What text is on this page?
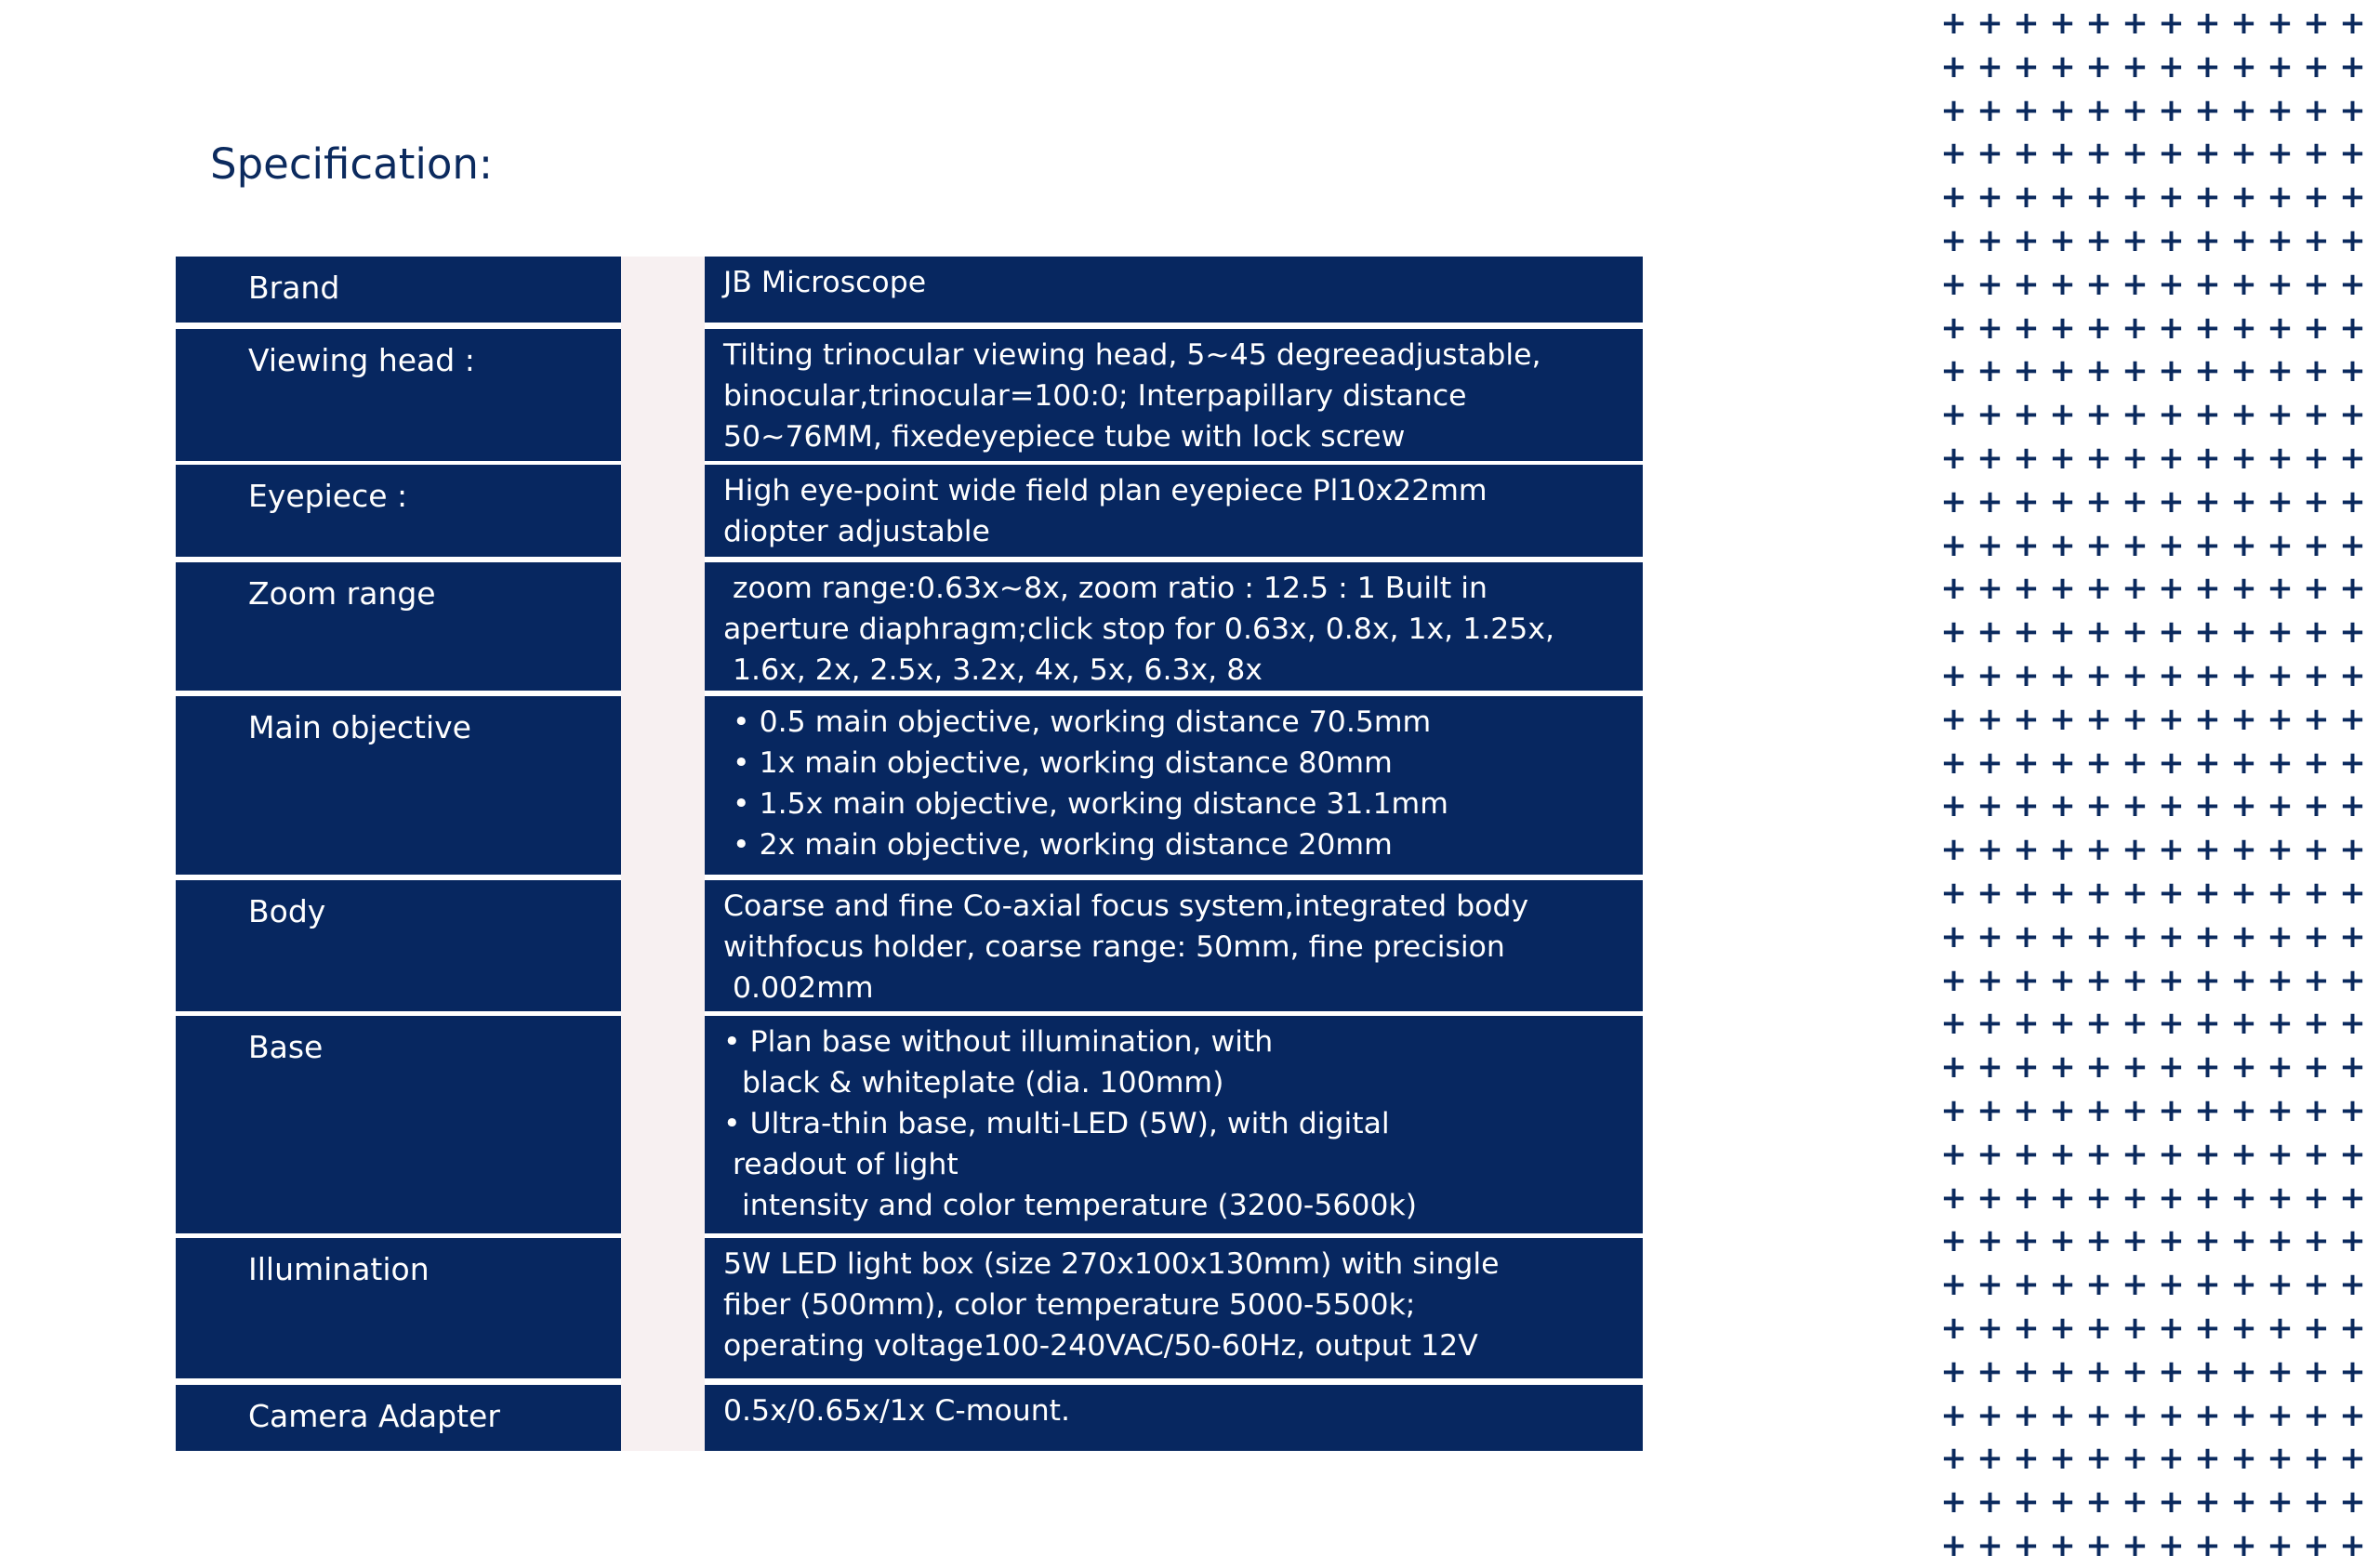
Specification:
Brand	JB Microscope
Viewing head :	Tilting trinocular viewing head, 5~45 degreeadjustable,
binocular,trinocular=100:0; Interpapillary distance
50~76MM, fixedeyepiece tube with lock screw
Eyepiece :	High eye-point wide field plan eyepiece Pl10x22mm
diopter adjustable
Zoom range	zoom range:0.63x~8x, zoom ratio : 12.5 : 1 Built in
aperture diaphragm;click stop for 0.63x, 0.8x, 1x, 1.25x,
1.6x, 2x, 2.5x, 3.2x, 4x, 5x, 6.3x, 8x
Main objective	• 0.5 main objective, working distance 70.5mm
• 1x main objective, working distance 80mm
• 1.5x main objective, working distance 31.1mm
• 2x main objective, working distance 20mm
Body	Coarse and fine Co-axial focus system,integrated body
withfocus holder, coarse range: 50mm, fine precision
0.002mm
Base	• Plan base without illumination, with
black & whiteplate (dia. 100mm)
• Ultra-thin base, multi-LED (5W), with digital
readout of light
intensity and color temperature (3200-5600k)
Illumination	5W LED light box (size 270x100x130mm) with single
fiber (500mm), color temperature 5000-5500k;
operating voltage100-240VAC/50-60Hz, output 12V
Camera Adapter	0.5x/0.65x/1x C-mount.
+ + + + + + + + + + + +
+ + + + + + + + + + + +
+ + + + + + + + + + + +
+ + + + + + + + + + + +
+ + + + + + + + + + + +
+ + + + + + + + + + + +
+ + + + + + + + + + + +
+ + + + + + + + + + + +
+ + + + + + + + + + + +
+ + + + + + + + + + + +
+ + + + + + + + + + + +
+ + + + + + + + + + + +
+ + + + + + + + + + + +
+ + + + + + + + + + + +
+ + + + + + + + + + + +
+ + + + + + + + + + + +
+ + + + + + + + + + + +
+ + + + + + + + + + + +
+ + + + + + + + + + + +
+ + + + + + + + + + + +
+ + + + + + + + + + + +
+ + + + + + + + + + + +
+ + + + + + + + + + + +
+ + + + + + + + + + + +
+ + + + + + + + + + + +
+ + + + + + + + + + + +
+ + + + + + + + + + + +
+ + + + + + + + + + + +
+ + + + + + + + + + + +
+ + + + + + + + + + + +
+ + + + + + + + + + + +
+ + + + + + + + + + + +
+ + + + + + + + + + + +
+ + + + + + + + + + + +
+ + + + + + + + + + + +
+ + + + + + + + + + + +
